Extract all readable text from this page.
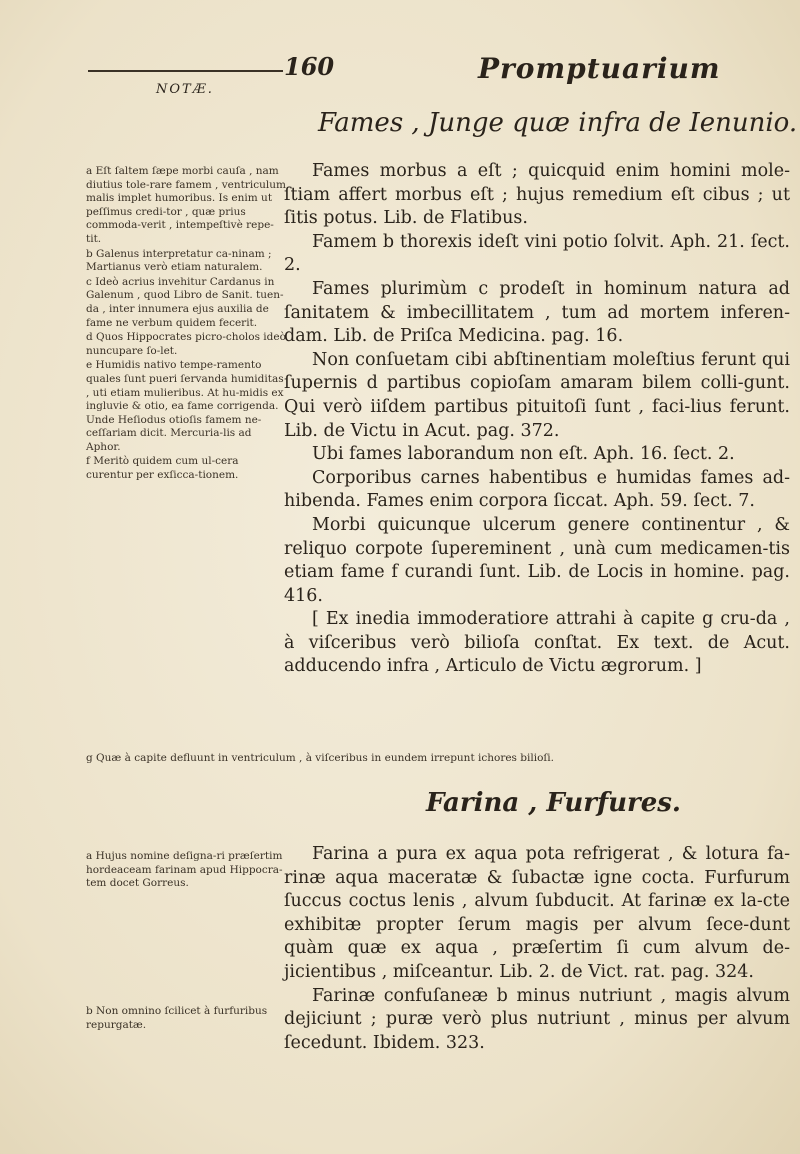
NOTÆ.
160	Promptuarium
Fames , Junge quæ infra de Ienunio.

a Eſt ſaltem ſæpe morbi cauſa , nam diutius tole-rare famem , ventriculum malis implet humoribus. Is enim ut peſſimus credi-tor , quæ prius commoda-verit , intempeſtivè repe-tit.

b Galenus interpretatur ca-ninam ; Martianus verò etiam naturalem.

c Ideò acrius invehitur Cardanus in Galenum , quod Libro de Sanit. tuen-da , inter innumera ejus auxilia de fame ne verbum quidem fecerit.

d Quos Hippocrates picro-cholos ideò nuncupare ſo-let.

e Humidis nativo tempe-ramento quales ſunt pueri ſervanda humiditas , uti etiam mulieribus. At hu-midis ex ingluvie & otio, ea fame corrigenda. Unde Heſiodus otioſis famem ne-ceſſariam dicit. Mercuria-lis ad Aphor.

f Meritò quidem cum ul-cera curentur per exſicca-tionem.

Fames morbus a eſt ; quicquid enim homini mole-ſtiam affert morbus eſt ; hujus remedium eſt cibus ; ut ſitis potus. Lib. de Flatibus.

Famem b thorexis ideſt vini potio ſolvit. Aph. 21. ſect. 2.

Fames plurimùm c prodeſt in hominum natura ad ſanitatem & imbecillitatem , tum ad mortem inferen-dam. Lib. de Priſca Medicina. pag. 16.

Non conſuetam cibi abſtinentiam moleſtius ferunt qui ſupernis d partibus copioſam amaram bilem colli-gunt. Qui verò iiſdem partibus pituitoſi ſunt , faci-lius ferunt. Lib. de Victu in Acut. pag. 372.

Ubi fames laborandum non eſt. Aph. 16. ſect. 2.

Corporibus carnes habentibus e humidas fames ad-hibenda. Fames enim corpora ſiccat. Aph. 59. ſect. 7.

Morbi quicunque ulcerum genere continentur , & reliquo corpote ſupereminent , unà cum medicamen-tis etiam fame f curandi ſunt. Lib. de Locis in homine. pag. 416.

[ Ex inedia immoderatiore attrahi à capite g cru-da , à viſceribus verò bilioſa conſtat. Ex text. de Acut. adducendo infra , Articulo de Victu ægrorum. ]

g Quæ à capite defluunt in ventriculum , à viſceribus in eundem irrepunt ichores bilioſi.
Farina , Furfures.
a Hujus nomine deſigna-ri præſertim hordeaceam farinam apud Hippocra-tem docet Gorreus.
b Non omnino ſcilicet à furfuribus repurgatæ.

Farina a pura ex aqua pota refrigerat , & lotura fa-rinæ aqua maceratæ & ſubactæ igne cocta. Furfurum ſuccus coctus lenis , alvum ſubducit. At farinæ ex la-ctе exhibitæ propter ſerum magis per alvum ſece-dunt quàm quæ ex aqua , præſertim ſi cum alvum de-jicientibus , miſceantur. Lib. 2. de Vict. rat. pag. 324.

Farinæ confuſaneæ b minus nutriunt , magis alvum dejiciunt ; puræ verò plus nutriunt , minus per alvum ſecedunt. Ibidem. 323.
